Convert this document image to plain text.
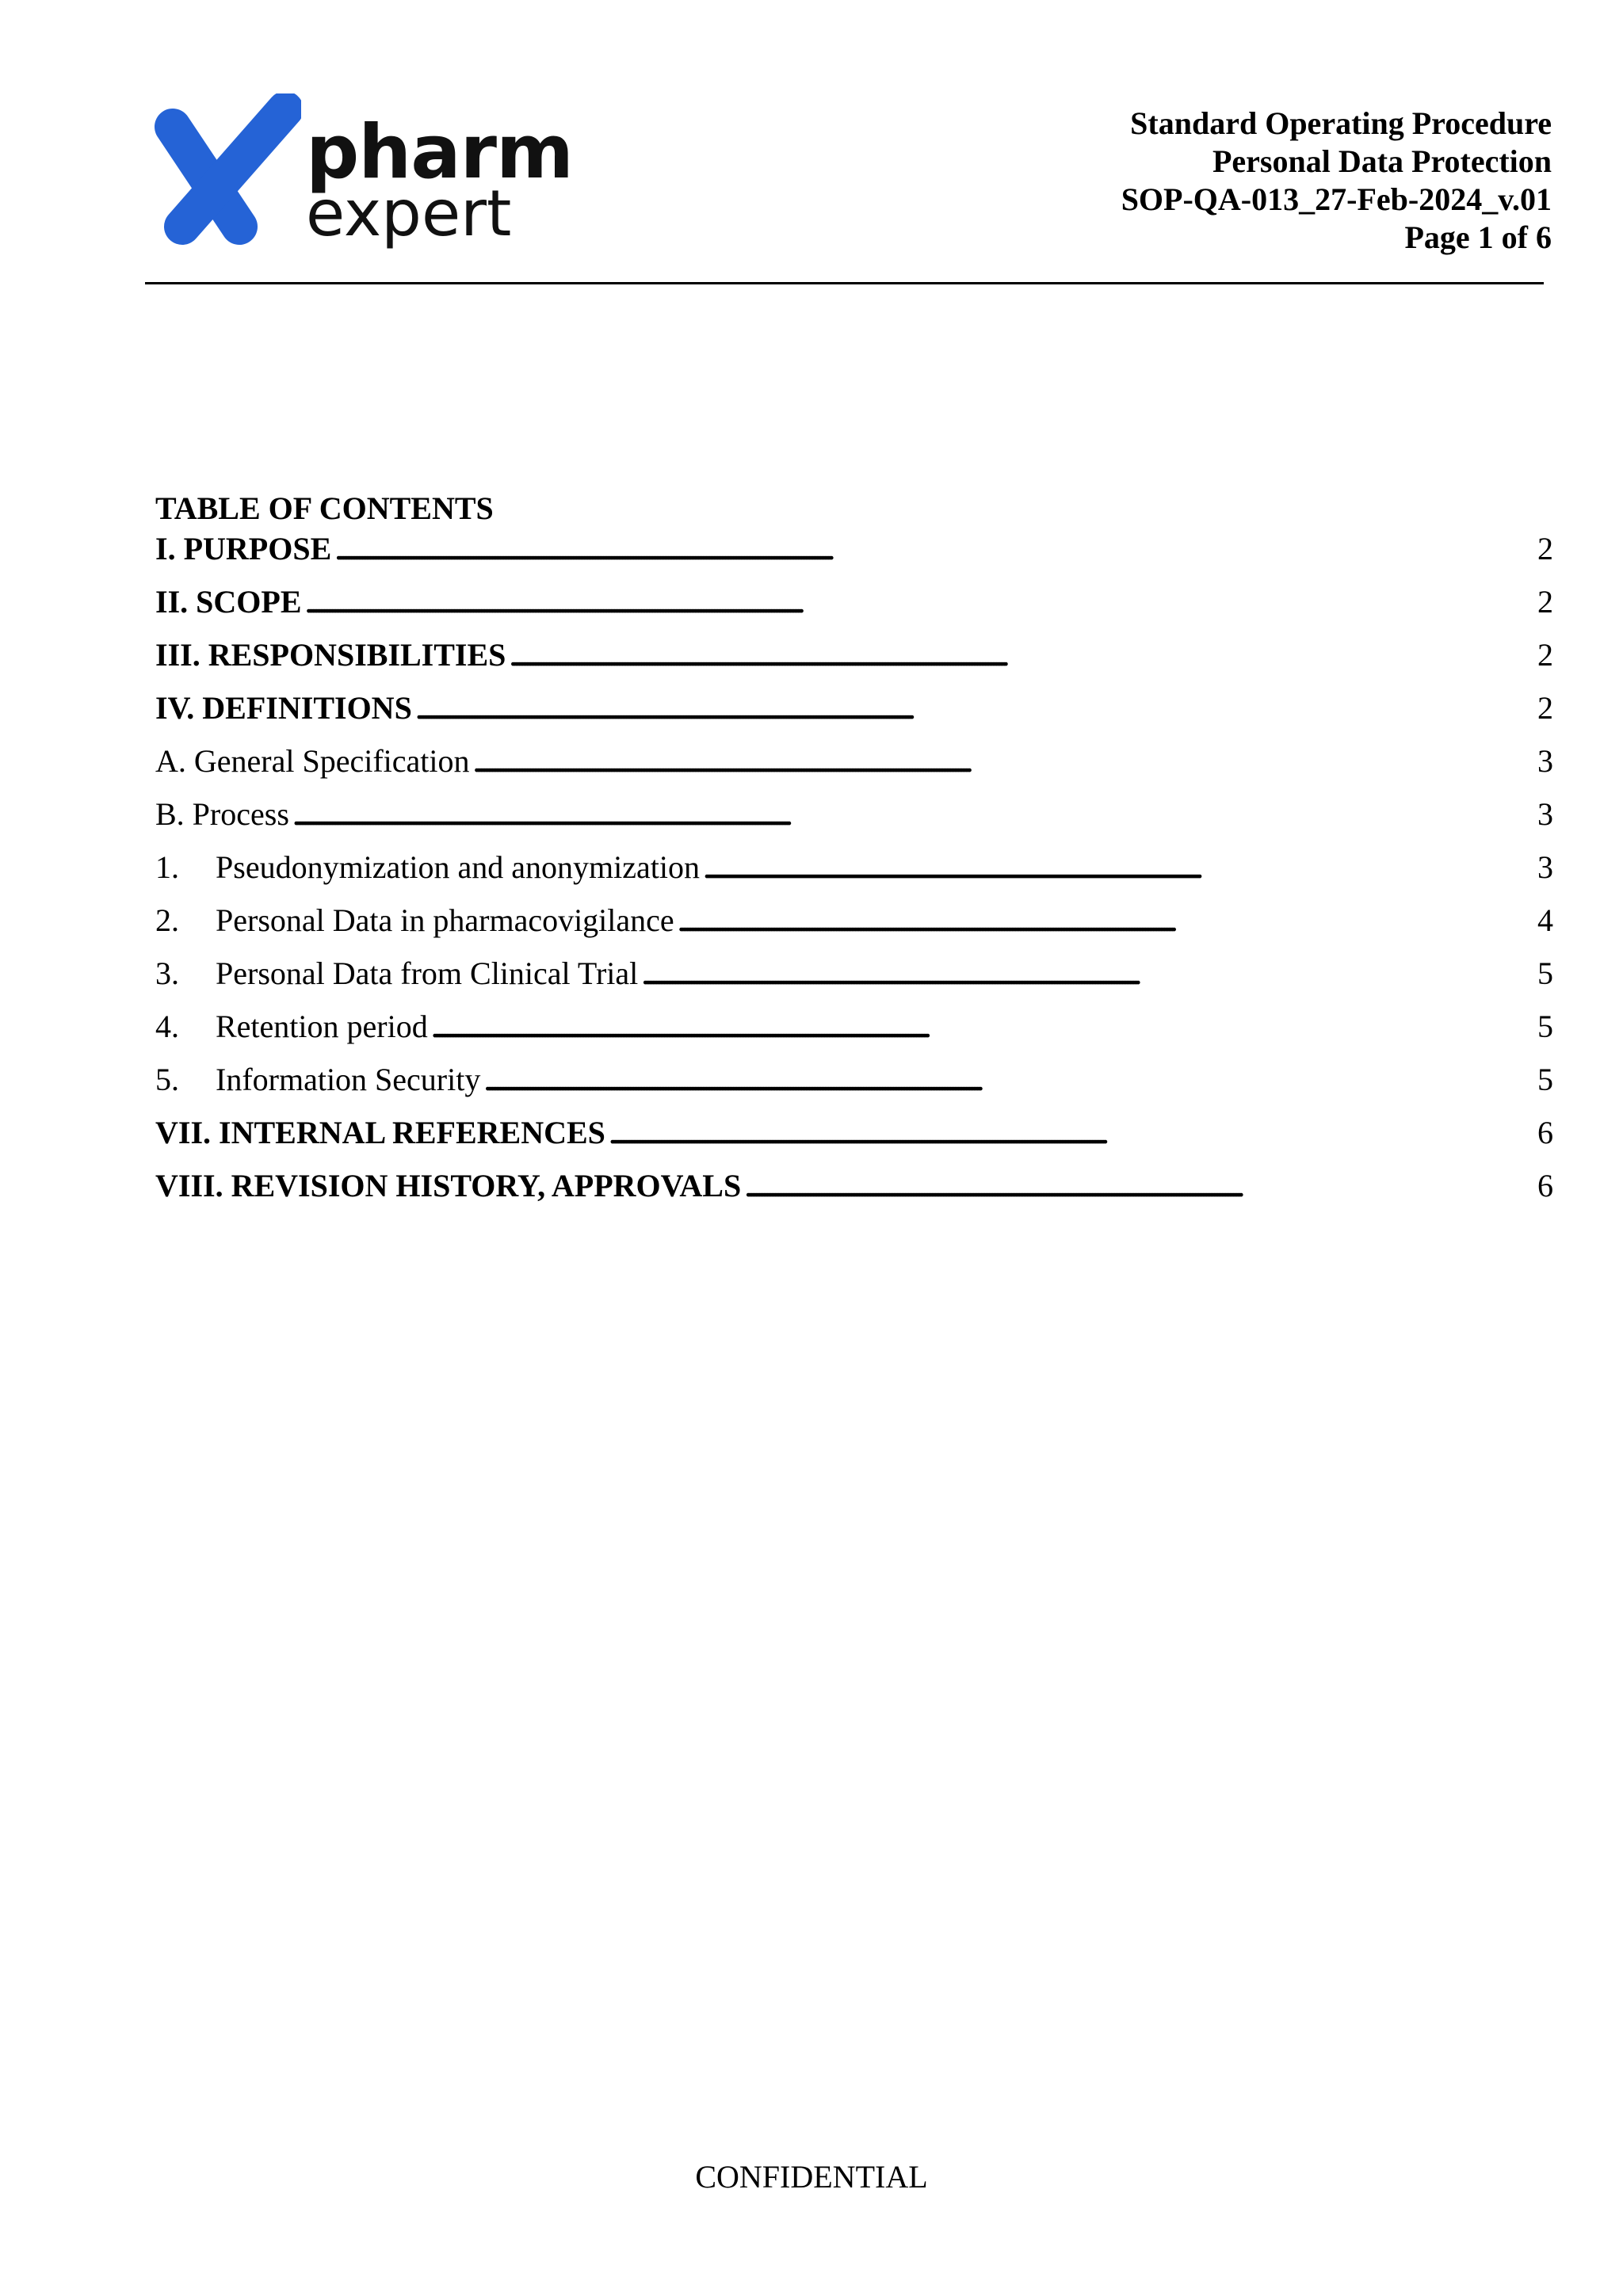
pharm
expert
Standard Operating Procedure
Personal Data Protection
SOP-QA-013_27-Feb-2024_v.01
Page 1 of 6
TABLE OF CONTENTS
I. PURPOSE . . .	2
II. SCOPE . . .	2
III. RESPONSIBILITIES . . .	2
IV. DEFINITIONS . . .	2
A. General Specification . . .	3
B. Process . . .	3
1.	Pseudonymization and anonymization . . .	3
2.	Personal Data in pharmacovigilance . . .	4
3.	Personal Data from Clinical Trial . . .	5
4.	Retention period . . .	5
5.	Information Security . . .	5
VII. INTERNAL REFERENCES . . .	6
VIII. REVISION HISTORY, APPROVALS . . .	6
CONFIDENTIAL
